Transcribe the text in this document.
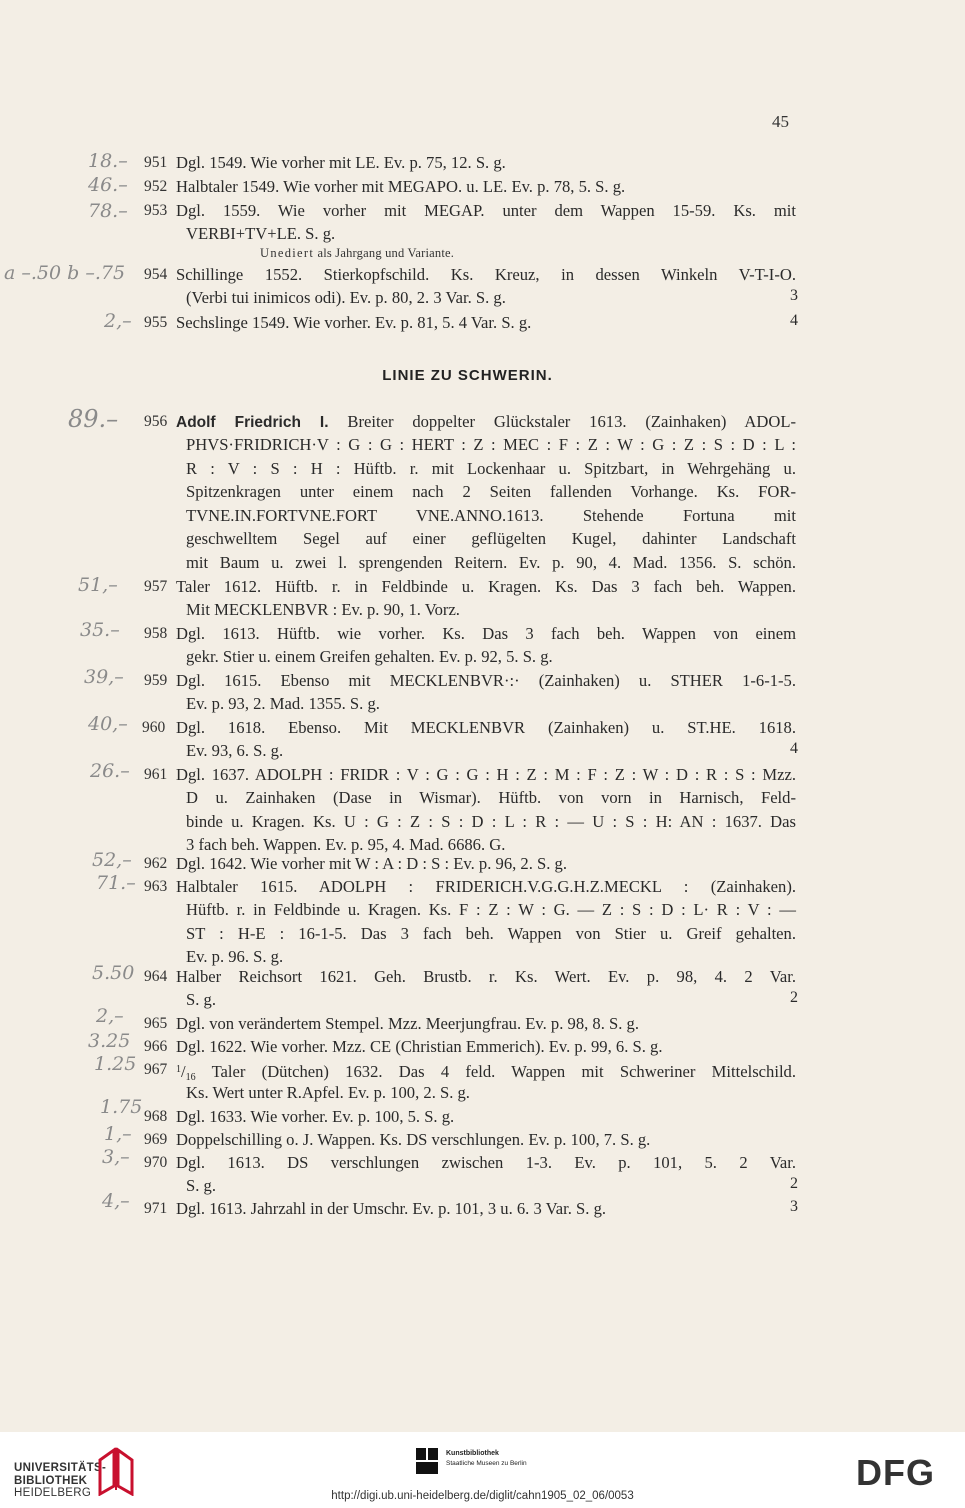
45
18.– 951 Dgl. 1549. Wie vorher mit LE. Ev. p. 75, 12. S. g.
46.– 952 Halbtaler 1549. Wie vorher mit MEGAPO. u. LE. Ev. p. 78, 5. S. g.
78.– 953 Dgl. 1559. Wie vorher mit MEGAP. unter dem Wappen 15-59. Ks. mit
VERBI+TV+LE. S. g.
Unediert als Jahrgang und Variante.
a –.50 b –.75 954 Schillinge 1552. Stierkopfschild. Ks. Kreuz, in dessen Winkeln V-T-I-O.
(Verbi tui inimicos odi). Ev. p. 80, 2. 3 Var. S. g.	3
2,– 955 Sechslinge 1549. Wie vorher. Ev. p. 81, 5. 4 Var. S. g.	4
LINIE ZU SCHWERIN.
89.– 956 Adolf Friedrich I. Breiter doppelter Glückstaler 1613. (Zainhaken) ADOL-
PHVS·FRIDRICH·V : G : G : HERT : Z : MEC : F : Z : W : G : Z : S : D : L :
R : V : S : H : Hüftb. r. mit Lockenhaar u. Spitzbart, in Wehrgehäng u.
Spitzenkragen unter einem nach 2 Seiten fallenden Vorhange. Ks. FOR-
TVNE.IN.FORTVNE.FORT VNE.ANNO.1613. Stehende Fortuna mit
geschwelltem Segel auf einer geflügelten Kugel, dahinter Landschaft
mit Baum u. zwei l. sprengenden Reitern. Ev. p. 90, 4. Mad. 1356. S. schön.
51,– 957 Taler 1612. Hüftb. r. in Feldbinde u. Kragen. Ks. Das 3 fach beh. Wappen.
Mit MECKLENBVR : Ev. p. 90, 1. Vorz.
35.– 958 Dgl. 1613. Hüftb. wie vorher. Ks. Das 3 fach beh. Wappen von einem
gekr. Stier u. einem Greifen gehalten. Ev. p. 92, 5. S. g.
39,– 959 Dgl. 1615. Ebenso mit MECKLENBVR·:· (Zainhaken) u. STHER 1-6-1-5.
Ev. p. 93, 2. Mad. 1355. S. g.
40,– 960 Dgl. 1618. Ebenso. Mit MECKLENBVR (Zainhaken) u. ST.HE. 1618.
Ev. 93, 6. S. g.	4
26.– 961 Dgl. 1637. ADOLPH : FRIDR : V : G : G : H : Z : M : F : Z : W : D : R : S : Mzz.
D u. Zainhaken (Dase in Wismar). Hüftb. von vorn in Harnisch, Feld-
binde u. Kragen. Ks. U : G : Z : S : D : L : R : — U : S : H: AN : 1637. Das
3 fach beh. Wappen. Ev. p. 95, 4. Mad. 6686. G.
52,– 962 Dgl. 1642. Wie vorher mit W : A : D : S : Ev. p. 96, 2. S. g.
71.– 963 Halbtaler 1615. ADOLPH : FRIDERICH.V.G.G.H.Z.MECKL : (Zainhaken).
Hüftb. r. in Feldbinde u. Kragen. Ks. F : Z : W : G. — Z : S : D : L· R : V : —
ST : H-E : 16-1-5. Das 3 fach beh. Wappen von Stier u. Greif gehalten.
Ev. p. 96. S. g.
5.50 964 Halber Reichsort 1621. Geh. Brustb. r. Ks. Wert. Ev. p. 98, 4. 2 Var.
S. g.	2
2,– 965 Dgl. von verändertem Stempel. Mzz. Meerjungfrau. Ev. p. 98, 8. S. g.
3.25 966 Dgl. 1622. Wie vorher. Mzz. CE (Christian Emmerich). Ev. p. 99, 6. S. g.
1.25 967 $^1/_{16}$ Taler (Dütchen) 1632. Das 4 feld. Wappen mit Schweriner Mittelschild.
Ks. Wert unter R.Apfel. Ev. p. 100, 2. S. g.
1.75 968 Dgl. 1633. Wie vorher. Ev. p. 100, 5. S. g.
1,– 969 Doppelschilling o. J. Wappen. Ks. DS verschlungen. Ev. p. 100, 7. S. g.
3,– 970 Dgl. 1613. DS verschlungen zwischen 1-3. Ev. p. 101, 5. 2 Var.
S. g.	2
4,– 971 Dgl. 1613. Jahrzahl in der Umschr. Ev. p. 101, 3 u. 6. 3 Var. S. g.	3
UNIVERSITÄTS-
BIBLIOTHEK
HEIDELBERG
Kunstbibliothek
Staatliche Museen zu Berlin	DFG
http://digi.ub.uni-heidelberg.de/diglit/cahn1905_02_06/0053
